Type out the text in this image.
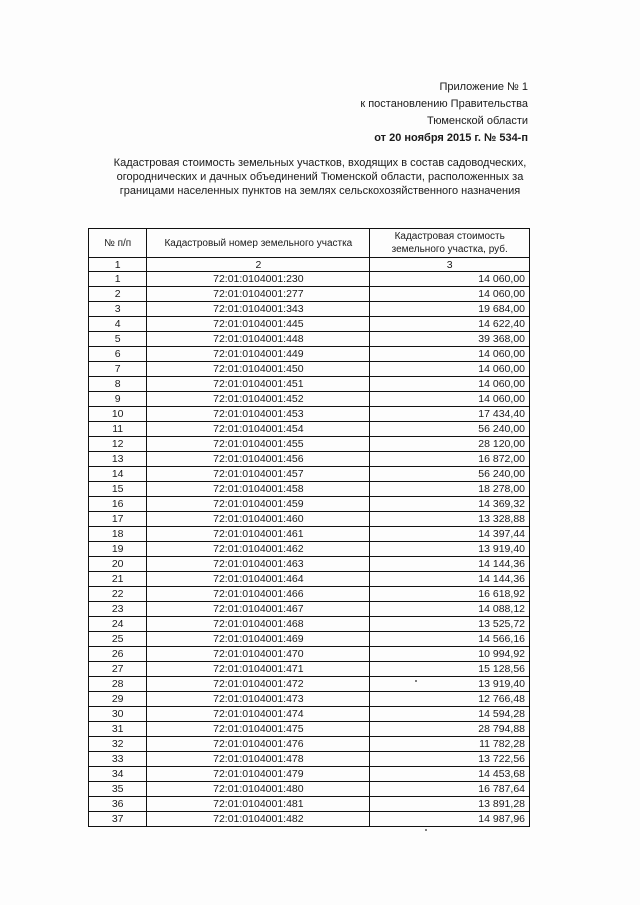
Приложение № 1
к постановлению Правительства
Тюменской области
от 20 ноября 2015 г. № 534-п
Кадастровая стоимость земельных участков, входящих в состав садоводческих,
огороднических и дачных объединений Тюменской области, расположенных за
границами населенных пунктов на землях сельскохозяйственного назначения
№ п/п	Кадастровый номер земельного участка	Кадастровая стоимость земельного участка, руб.
1	2	3
1	72:01:0104001:230	14 060,00
2	72:01:0104001:277	14 060,00
3	72:01:0104001:343	19 684,00
4	72:01:0104001:445	14 622,40
5	72:01:0104001:448	39 368,00
6	72:01:0104001:449	14 060,00
7	72:01:0104001:450	14 060,00
8	72:01:0104001:451	14 060,00
9	72:01:0104001:452	14 060,00
10	72:01:0104001:453	17 434,40
11	72:01:0104001:454	56 240,00
12	72:01:0104001:455	28 120,00
13	72:01:0104001:456	16 872,00
14	72:01:0104001:457	56 240,00
15	72:01:0104001:458	18 278,00
16	72:01:0104001:459	14 369,32
17	72:01:0104001:460	13 328,88
18	72:01:0104001:461	14 397,44
19	72:01:0104001:462	13 919,40
20	72:01:0104001:463	14 144,36
21	72:01:0104001:464	14 144,36
22	72:01:0104001:466	16 618,92
23	72:01:0104001:467	14 088,12
24	72:01:0104001:468	13 525,72
25	72:01:0104001:469	14 566,16
26	72:01:0104001:470	10 994,92
27	72:01:0104001:471	15 128,56
28	72:01:0104001:472	13 919,40
29	72:01:0104001:473	12 766,48
30	72:01:0104001:474	14 594,28
31	72:01:0104001:475	28 794,88
32	72:01:0104001:476	11 782,28
33	72:01:0104001:478	13 722,56
34	72:01:0104001:479	14 453,68
35	72:01:0104001:480	16 787,64
36	72:01:0104001:481	13 891,28
37	72:01:0104001:482	14 987,96
